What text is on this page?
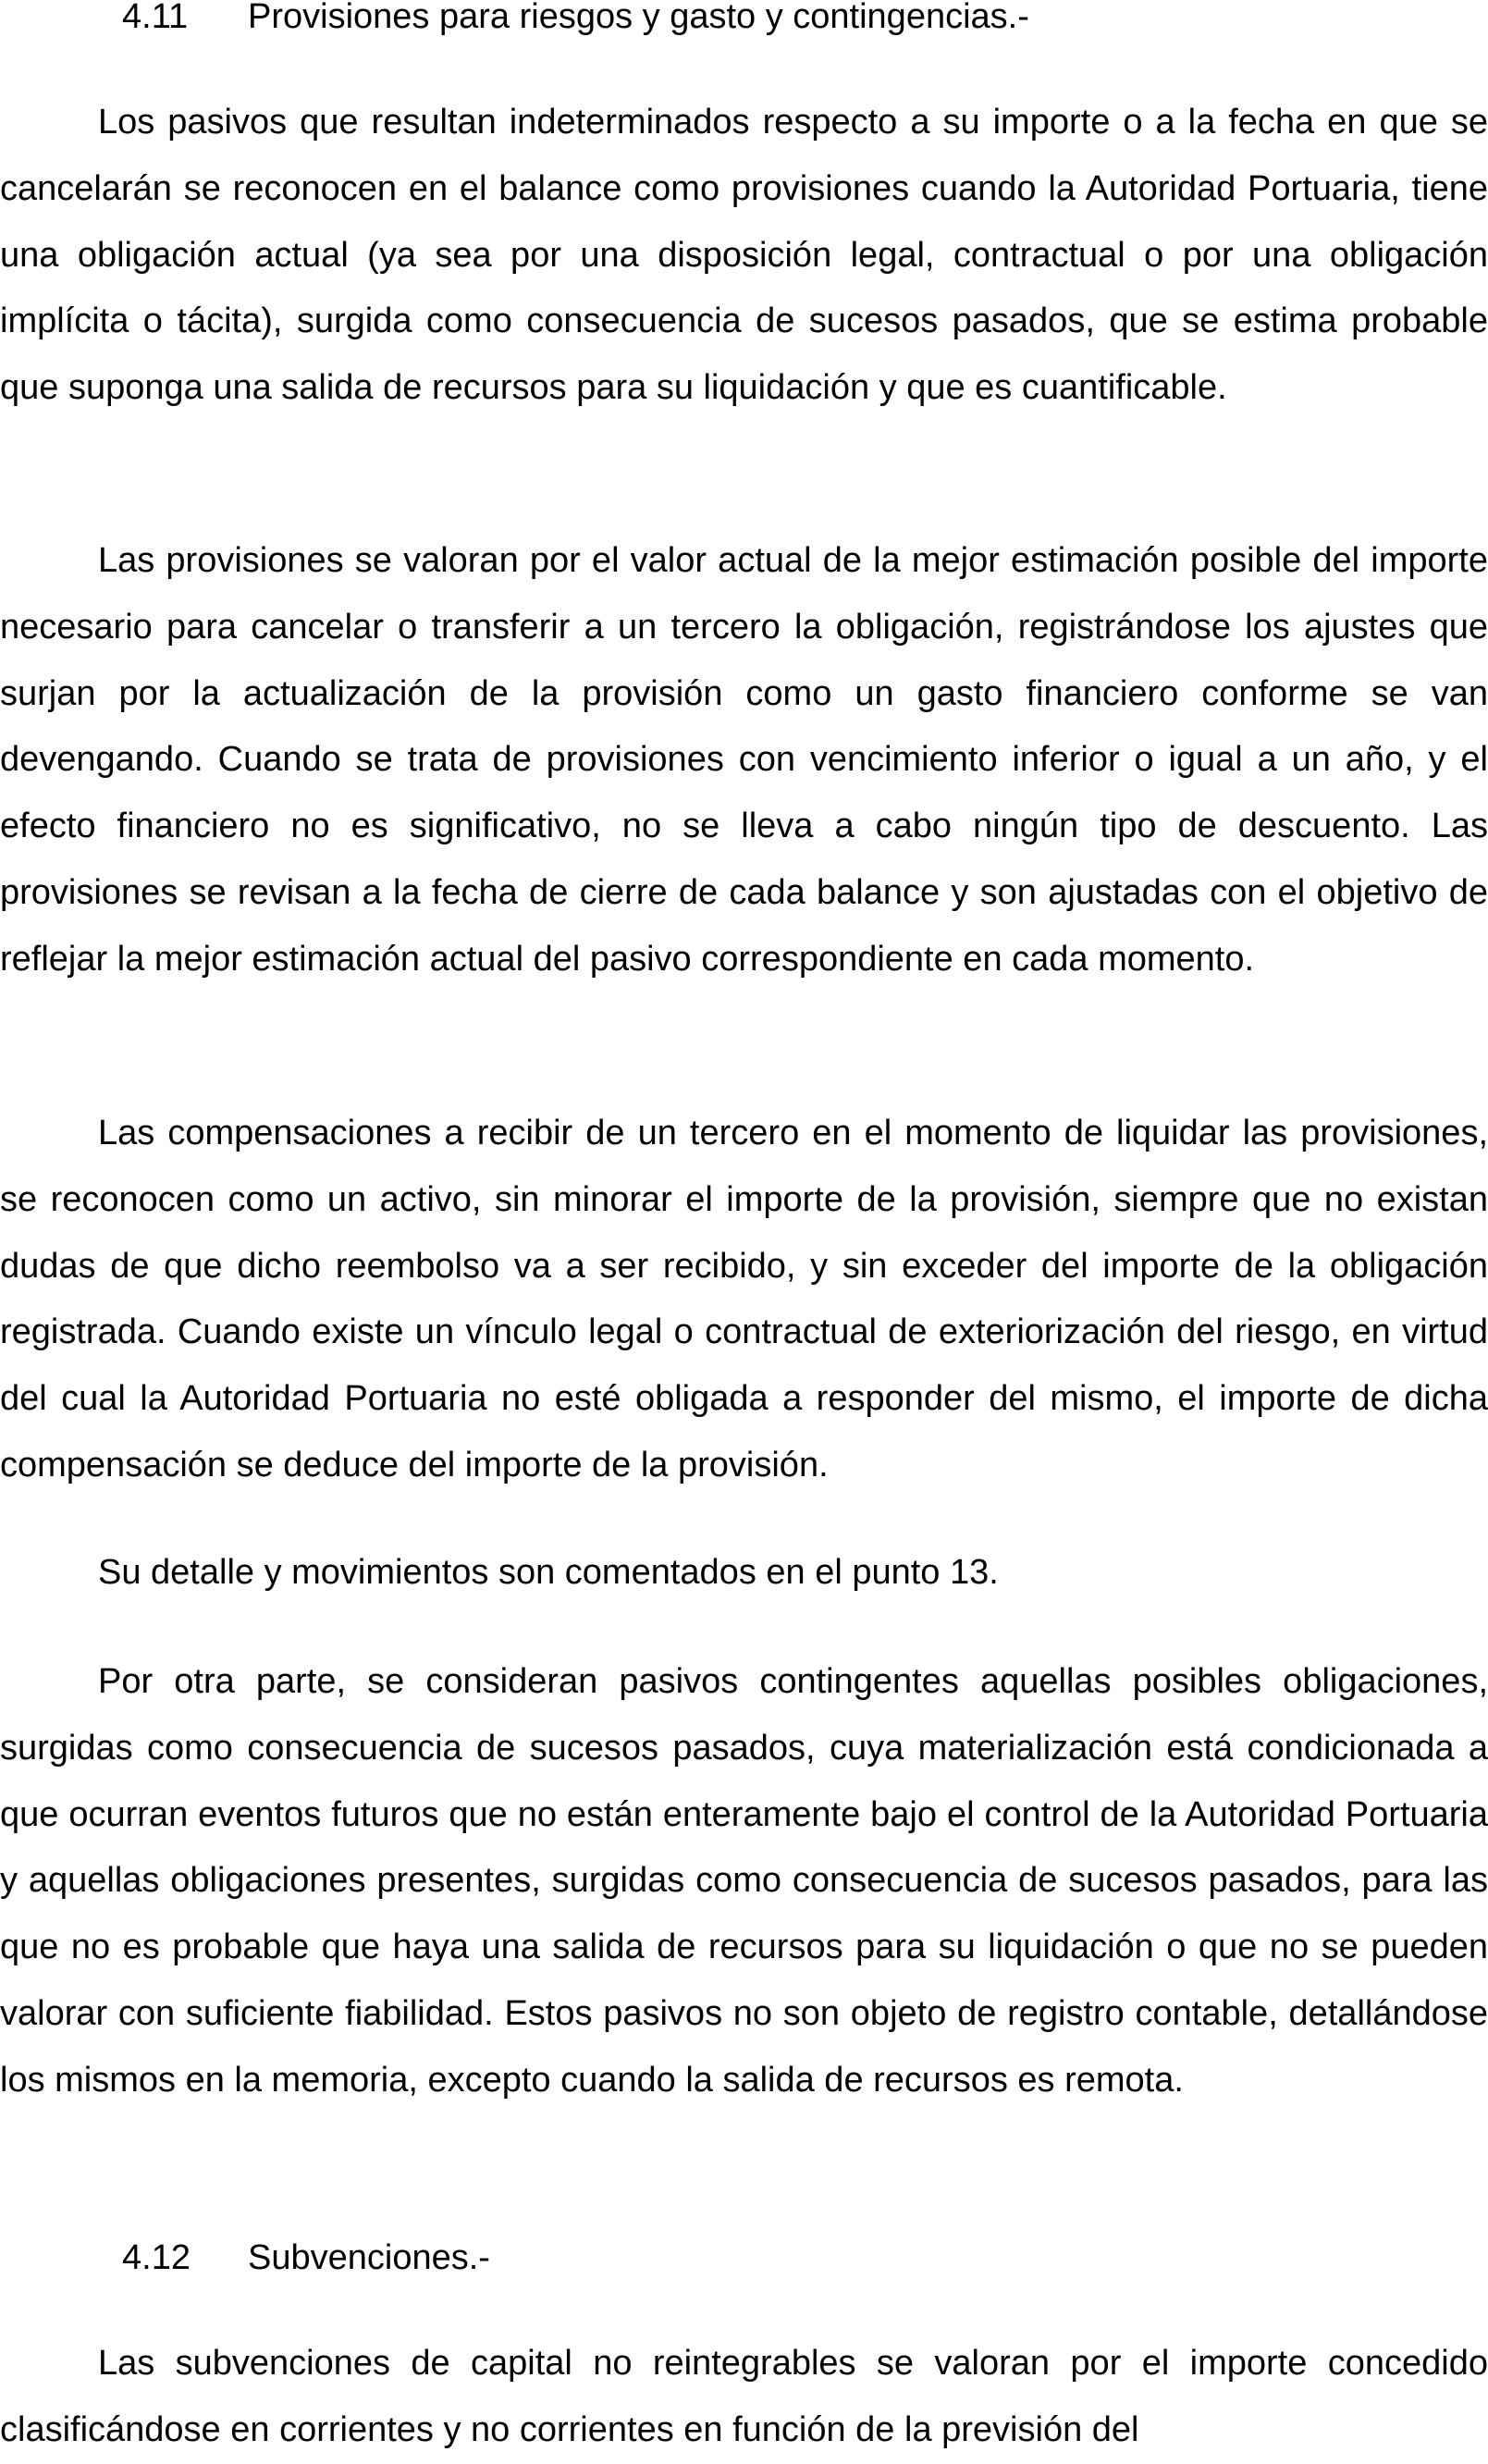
4.11 Provisiones para riesgos y gasto y contingencias.-

Los pasivos que resultan indeterminados respecto a su importe o a la fecha en que se cancelarán se reconocen en el balance como provisiones cuando la Autoridad Portuaria, tiene una obligación actual (ya sea por una disposición legal, contractual o por una obligación implícita o tácita), surgida como consecuencia de sucesos pasados, que se estima probable que suponga una salida de recursos para su liquidación y que es cuantificable.

Las provisiones se valoran por el valor actual de la mejor estimación posible del importe necesario para cancelar o transferir a un tercero la obligación, registrándose los ajustes que surjan por la actualización de la provisión como un gasto financiero conforme se van devengando. Cuando se trata de provisiones con vencimiento inferior o igual a un año, y el efecto financiero no es significativo, no se lleva a cabo ningún tipo de descuento. Las provisiones se revisan a la fecha de cierre de cada balance y son ajustadas con el objetivo de reflejar la mejor estimación actual del pasivo correspondiente en cada momento.

Las compensaciones a recibir de un tercero en el momento de liquidar las provisiones, se reconocen como un activo, sin minorar el importe de la provisión, siempre que no existan dudas de que dicho reembolso va a ser recibido, y sin exceder del importe de la obligación registrada. Cuando existe un vínculo legal o contractual de exteriorización del riesgo, en virtud del cual la Autoridad Portuaria no esté obligada a responder del mismo, el importe de dicha compensación se deduce del importe de la provisión.

Su detalle y movimientos son comentados en el punto 13.

Por otra parte, se consideran pasivos contingentes aquellas posibles obligaciones, surgidas como consecuencia de sucesos pasados, cuya materialización está condicionada a que ocurran eventos futuros que no están enteramente bajo el control de la Autoridad Portuaria y aquellas obligaciones presentes, surgidas como consecuencia de sucesos pasados, para las que no es probable que haya una salida de recursos para su liquidación o que no se pueden valorar con suficiente fiabilidad. Estos pasivos no son objeto de registro contable, detallándose los mismos en la memoria, excepto cuando la salida de recursos es remota.

4.12 Subvenciones.-

Las subvenciones de capital no reintegrables se valoran por el importe concedido clasificándose en corrientes y no corrientes en función de la previsión del
